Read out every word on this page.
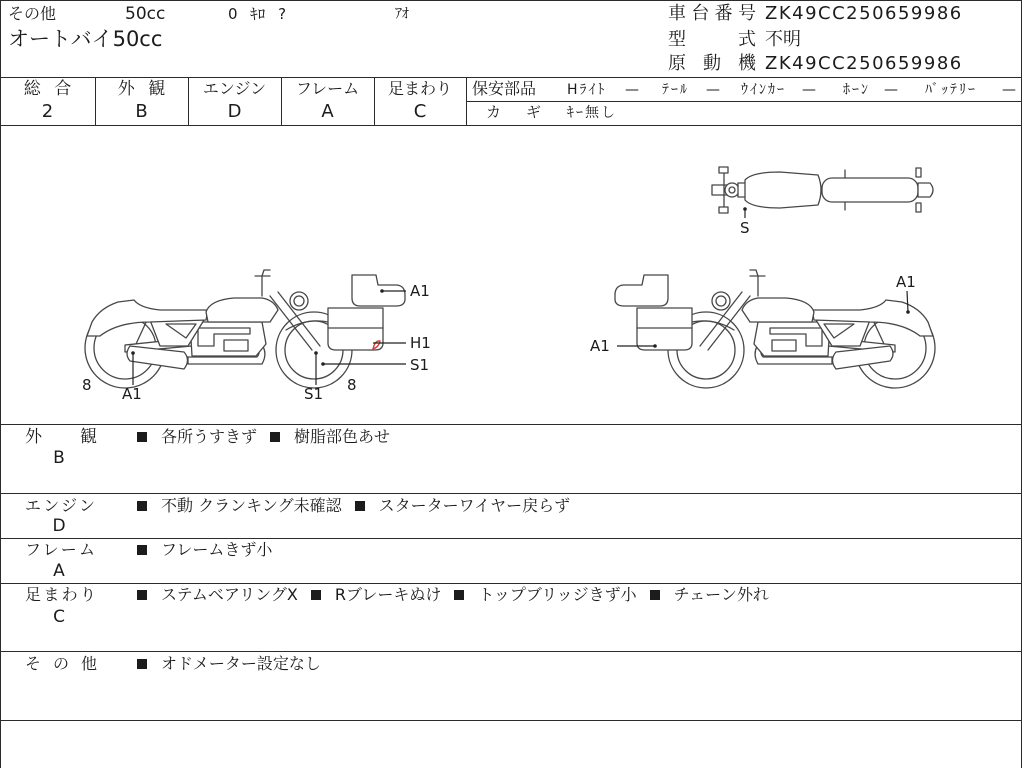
その他	50cc	0 ｷﾛ ?	ｱｵ
オートバイ50cc
車台番号 ZK49CC250659986
型 式 不明
原 動 機 ZK49CC250659986
総 合
2
外 観
B
エンジン
D
フレーム
A
足まわり
C
保安部品 Hﾗｲﾄ — ﾃｰﾙ — ｳｲﾝｶｰ — ﾎｰﾝ — ﾊﾞｯﾃﾘｰ —
カ ギ ｷｰ無し
A1
H1
S1
8 A1	S1 8
A1
A1
S
外 観
B
各所うすきず 樹脂部色あせ
エンジン
D
不動 クランキング未確認 スターターワイヤー戻らず
フレーム
A
フレームきず小
足まわり
C
ステムベアリングX Rブレーキぬけ トップブリッジきず小 チェーン外れ
そ の 他	オドメーター設定なし
